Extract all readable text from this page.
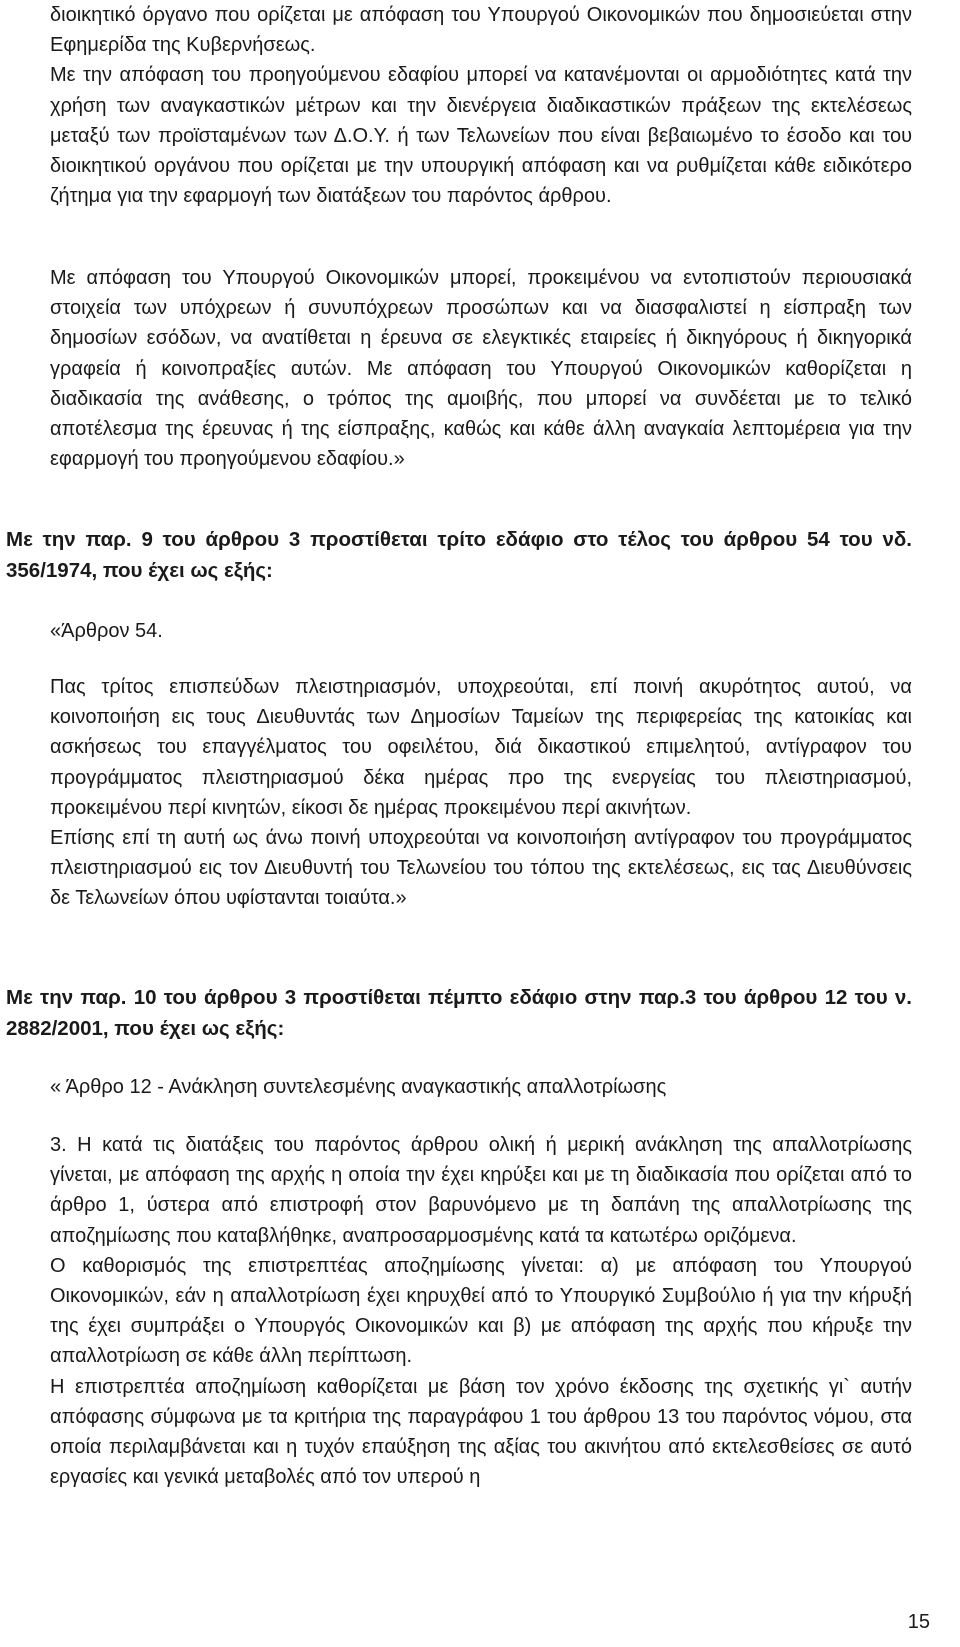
διοικητικό όργανο που ορίζεται με απόφαση του Υπουργού Οικονομικών που δημοσιεύεται στην Εφημερίδα της Κυβερνήσεως.

Με την απόφαση του προηγούμενου εδαφίου μπορεί να κατανέμονται οι αρμοδιότητες κατά την χρήση των αναγκαστικών μέτρων και την διενέργεια διαδικαστικών πράξεων της εκτελέσεως μεταξύ των προϊσταμένων των Δ.Ο.Υ. ή των Τελωνείων που είναι βεβαιωμένο το έσοδο και του διοικητικού οργάνου που ορίζεται με την υπουργική απόφαση και να ρυθμίζεται κάθε ειδικότερο ζήτημα για την εφαρμογή των διατάξεων του παρόντος άρθρου.

Με απόφαση του Υπουργού Οικονομικών μπορεί, προκειμένου να εντοπιστούν περιουσιακά στοιχεία των υπόχρεων ή συνυπόχρεων προσώπων και να διασφαλιστεί η είσπραξη των δημοσίων εσόδων, να ανατίθεται η έρευνα σε ελεγκτικές εταιρείες ή δικηγόρους ή δικηγορικά γραφεία ή κοινοπραξίες αυτών. Με απόφαση του Υπουργού Οικονομικών καθορίζεται η διαδικασία της ανάθεσης, ο τρόπος της αμοιβής, που μπορεί να συνδέεται με το τελικό αποτέλεσμα της έρευνας ή της είσπραξης, καθώς και κάθε άλλη αναγκαία λεπτομέρεια για την εφαρμογή του προηγούμενου εδαφίου.»

Με την παρ. 9 του άρθρου 3 προστίθεται τρίτο εδάφιο στο τέλος του άρθρου 54 του νδ. 356/1974, που έχει ως εξής:

«Άρθρον 54.

Πας τρίτος επισπεύδων πλειστηριασμόν, υποχρεούται, επί ποινή ακυρότητος αυτού, να κοινοποιήση εις τους Διευθυντάς των Δημοσίων Ταμείων της περιφερείας της κατοικίας και ασκήσεως του επαγγέλματος του οφειλέτου, διά δικαστικού επιμελητού, αντίγραφον του προγράμματος πλειστηριασμού δέκα ημέρας προ της ενεργείας του πλειστηριασμού, προκειμένου περί κινητών, είκοσι δε ημέρας προκειμένου περί ακινήτων.

Επίσης επί τη αυτή ως άνω ποινή υποχρεούται να κοινοποιήση αντίγραφον του προγράμματος πλειστηριασμού εις τον Διευθυντή του Τελωνείου του τόπου της εκτελέσεως, εις τας Διευθύνσεις δε Τελωνείων όπου υφίστανται τοιαύτα.»

Με την παρ. 10 του άρθρου 3 προστίθεται πέμπτο εδάφιο στην παρ.3 του άρθρου 12 του ν. 2882/2001, που έχει ως εξής:

« Άρθρο 12 - Ανάκληση συντελεσμένης αναγκαστικής απαλλοτρίωσης

3. Η κατά τις διατάξεις του παρόντος άρθρου ολική ή μερική ανάκληση της απαλλοτρίωσης γίνεται, με απόφαση της αρχής η οποία την έχει κηρύξει και με τη διαδικασία που ορίζεται από το άρθρο 1, ύστερα από επιστροφή στον βαρυνόμενο με τη δαπάνη της απαλλοτρίωσης της αποζημίωσης που καταβλήθηκε, αναπροσαρμοσμένης κατά τα κατωτέρω οριζόμενα.

Ο καθορισμός της επιστρεπτέας αποζημίωσης γίνεται: α) με απόφαση του Υπουργού Οικονομικών, εάν η απαλλοτρίωση έχει κηρυχθεί από το Υπουργικό Συμβούλιο ή για την κήρυξή της έχει συμπράξει ο Υπουργός Οικονομικών και β) με απόφαση της αρχής που κήρυξε την απαλλοτρίωση σε κάθε άλλη περίπτωση.

Η επιστρεπτέα αποζημίωση καθορίζεται με βάση τον χρόνο έκδοσης της σχετικής γι` αυτήν απόφασης σύμφωνα με τα κριτήρια της παραγράφου 1 του άρθρου 13 του παρόντος νόμου, στα οποία περιλαμβάνεται και η τυχόν επαύξηση της αξίας του ακινήτου από εκτελεσθείσες σε αυτό εργασίες και γενικά μεταβολές από τον υπερού η

15
